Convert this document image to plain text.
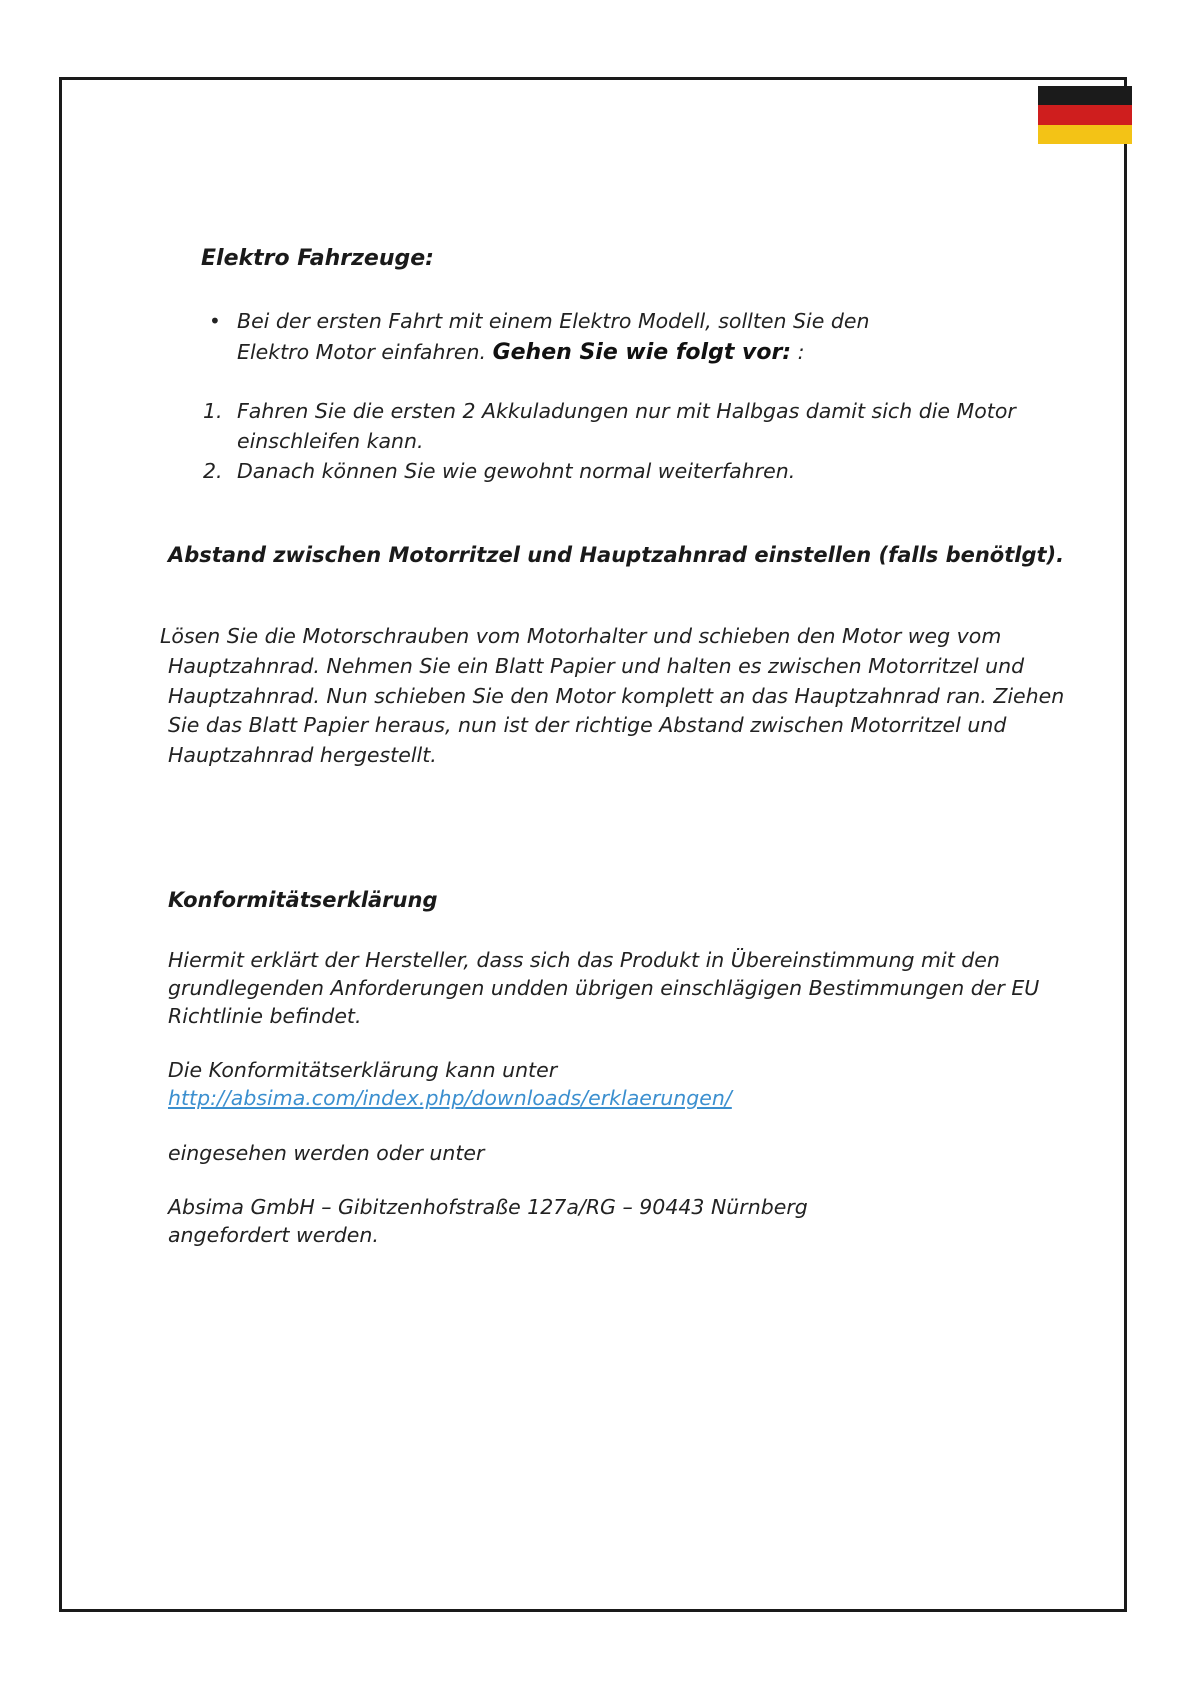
Elektro Fahrzeuge:
• Bei der ersten Fahrt mit einem Elektro Modell, sollten Sie den

Elektro Motor einfahren. Gehen Sie wie folgt vor: :

1. Fahren Sie die ersten 2 Akkuladungen nur mit Halbgas damit sich die Motor

einschleifen kann.

2. Danach können Sie wie gewohnt normal weiterfahren.

Abstand zwischen Motorritzel und Hauptzahnrad einstellen (falls benötlgt).

Lösen Sie die Motorschrauben vom Motorhalter und schieben den Motor weg vom

Hauptzahnrad. Nehmen Sie ein Blatt Papier und halten es zwischen Motorritzel und

Hauptzahnrad. Nun schieben Sie den Motor komplett an das Hauptzahnrad ran. Ziehen

Sie das Blatt Papier heraus, nun ist der richtige Abstand zwischen Motorritzel und

Hauptzahnrad hergestellt.

Konformitätserklärung

Hiermit erklärt der Hersteller, dass sich das Produkt in Übereinstimmung mit den

grundlegenden Anforderungen undden übrigen einschlägigen Bestimmungen der EU

Richtlinie befindet.

Die Konformitätserklärung kann unter

http://absima.com/index.php/downloads/erklaerungen/

eingesehen werden oder unter

Absima GmbH – Gibitzenhofstraße 127a/RG – 90443 Nürnberg

angefordert werden.
